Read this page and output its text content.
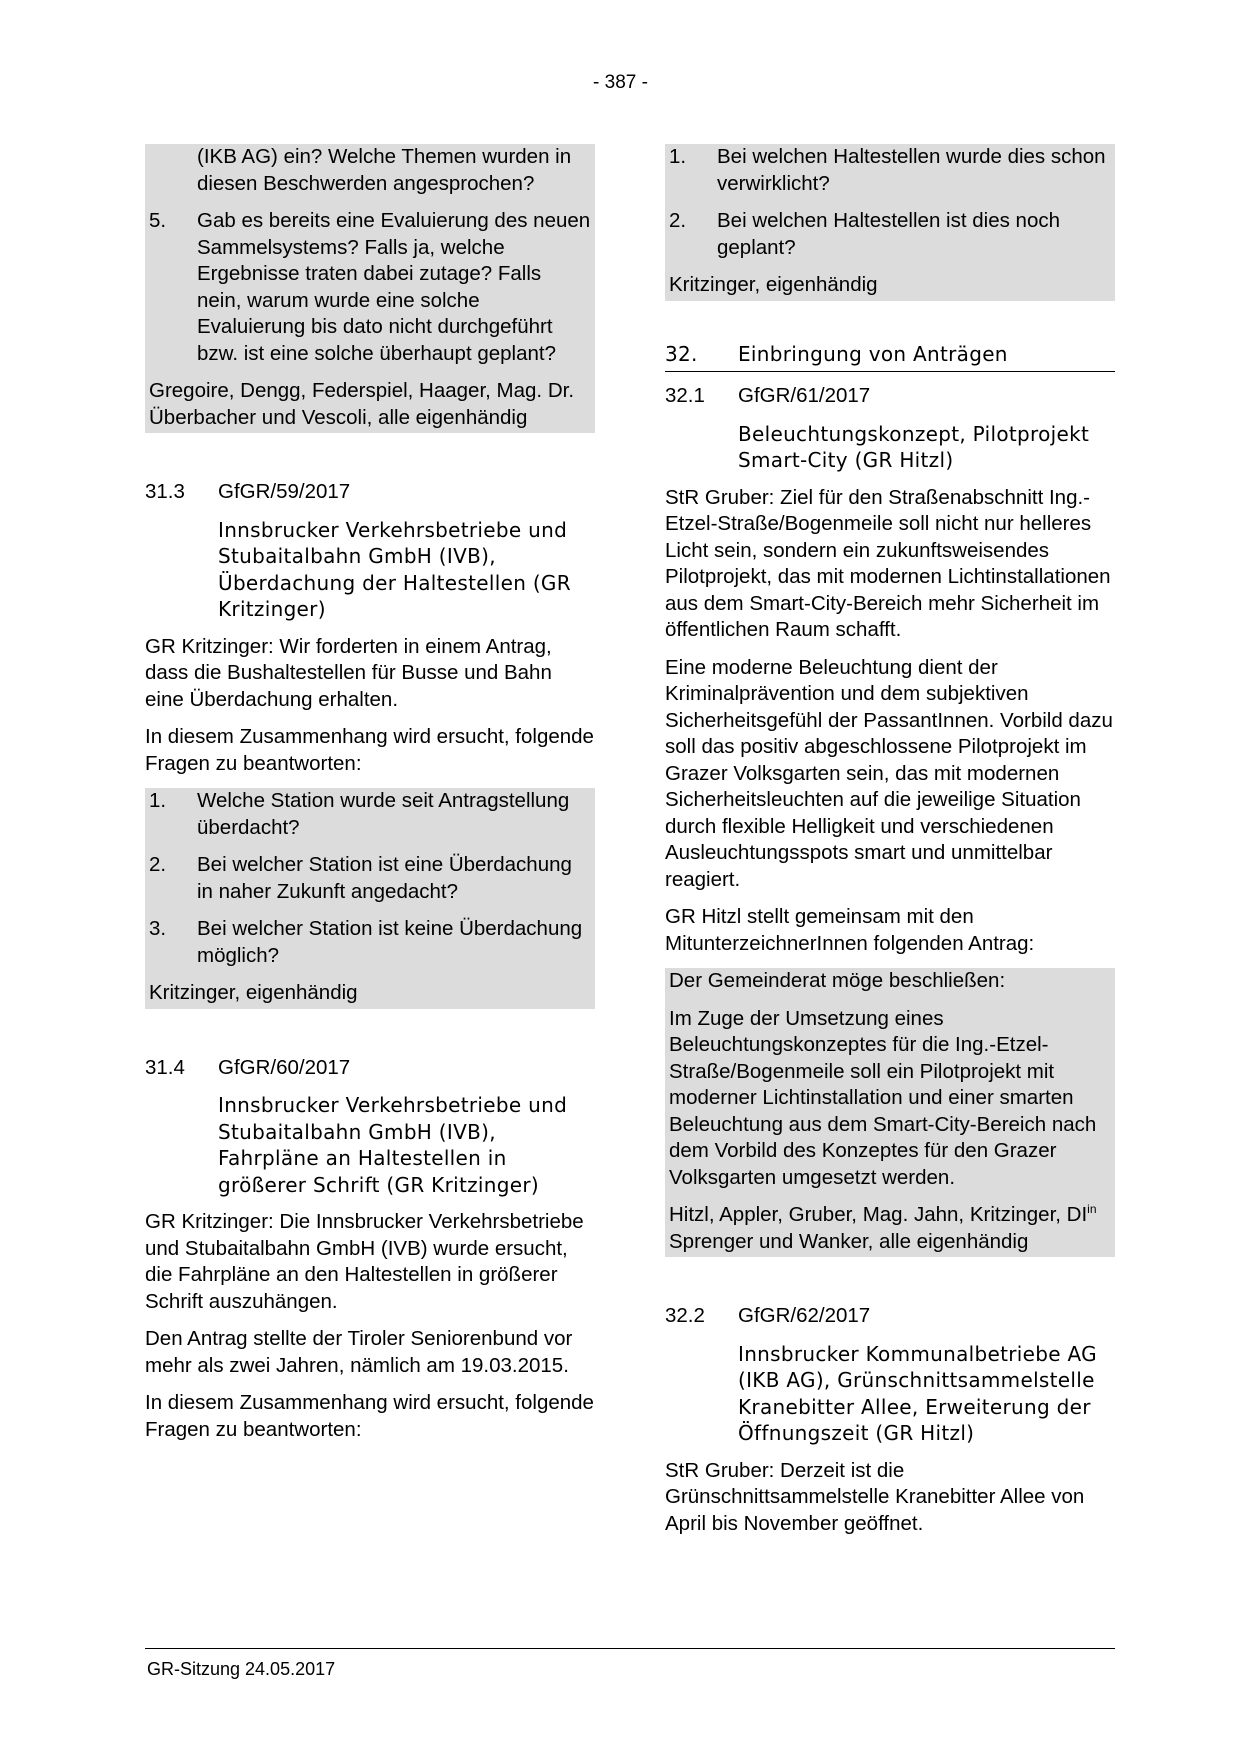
- 387 -

(IKB AG) ein? Welche Themen wurden in diesen Beschwerden angesprochen?

5.	Gab es bereits eine Evaluierung des neuen Sammelsystems? Falls ja, welche Ergebnisse traten dabei zutage? Falls nein, warum wurde eine solche Evaluierung bis dato nicht durchgeführt bzw. ist eine solche überhaupt geplant?

Gregoire, Dengg, Federspiel, Haager, Mag. Dr. Überbacher und Vescoli, alle eigenhändig

31.3	GfGR/59/2017
Innsbrucker Verkehrsbetriebe und Stubaitalbahn GmbH (IVB), Überdachung der Haltestellen (GR Kritzinger)

GR Kritzinger: Wir forderten in einem Antrag, dass die Bushaltestellen für Busse und Bahn eine Überdachung erhalten.

In diesem Zusammenhang wird ersucht, folgende Fragen zu beantworten:

1.	Welche Station wurde seit Antragstellung überdacht?
2.	Bei welcher Station ist eine Überdachung in naher Zukunft angedacht?
3.	Bei welcher Station ist keine Überdachung möglich?

Kritzinger, eigenhändig

31.4	GfGR/60/2017
Innsbrucker Verkehrsbetriebe und Stubaitalbahn GmbH (IVB), Fahrpläne an Haltestellen in größerer Schrift (GR Kritzinger)

GR Kritzinger: Die Innsbrucker Verkehrsbetriebe und Stubaitalbahn GmbH (IVB) wurde ersucht, die Fahrpläne an den Haltestellen in größerer Schrift auszuhängen.

Den Antrag stellte der Tiroler Seniorenbund vor mehr als zwei Jahren, nämlich am 19.03.2015.

In diesem Zusammenhang wird ersucht, folgende Fragen zu beantworten:

1.	Bei welchen Haltestellen wurde dies schon verwirklicht?
2.	Bei welchen Haltestellen ist dies noch geplant?

Kritzinger, eigenhändig

32.	Einbringung von Anträgen
32.1	GfGR/61/2017
Beleuchtungskonzept, Pilotprojekt Smart-City (GR Hitzl)

StR Gruber: Ziel für den Straßenabschnitt Ing.-Etzel-Straße/Bogenmeile soll nicht nur helleres Licht sein, sondern ein zukunftsweisendes Pilotprojekt, das mit modernen Lichtinstallationen aus dem Smart-City-Bereich mehr Sicherheit im öffentlichen Raum schafft.

Eine moderne Beleuchtung dient der Kriminalprävention und dem subjektiven Sicherheitsgefühl der PassantInnen. Vorbild dazu soll das positiv abgeschlossene Pilotprojekt im Grazer Volksgarten sein, das mit modernen Sicherheitsleuchten auf die jeweilige Situation durch flexible Helligkeit und verschiedenen Ausleuchtungsspots smart und unmittelbar reagiert.

GR Hitzl stellt gemeinsam mit den MitunterzeichnerInnen folgenden Antrag:

Der Gemeinderat möge beschließen:

Im Zuge der Umsetzung eines Beleuchtungskonzeptes für die Ing.-Etzel-Straße/Bogenmeile soll ein Pilotprojekt mit moderner Lichtinstallation und einer smarten Beleuchtung aus dem Smart-City-Bereich nach dem Vorbild des Konzeptes für den Grazer Volksgarten umgesetzt werden.

Hitzl, Appler, Gruber, Mag. Jahn, Kritzinger, $DI^{in}$ Sprenger und Wanker, alle eigenhändig

32.2	GfGR/62/2017
Innsbrucker Kommunalbetriebe AG (IKB AG), Grünschnittsammelstelle Kranebitter Allee, Erweiterung der Öffnungszeit (GR Hitzl)

StR Gruber: Derzeit ist die Grünschnittsammelstelle Kranebitter Allee von April bis November geöffnet.

GR-Sitzung 24.05.2017
